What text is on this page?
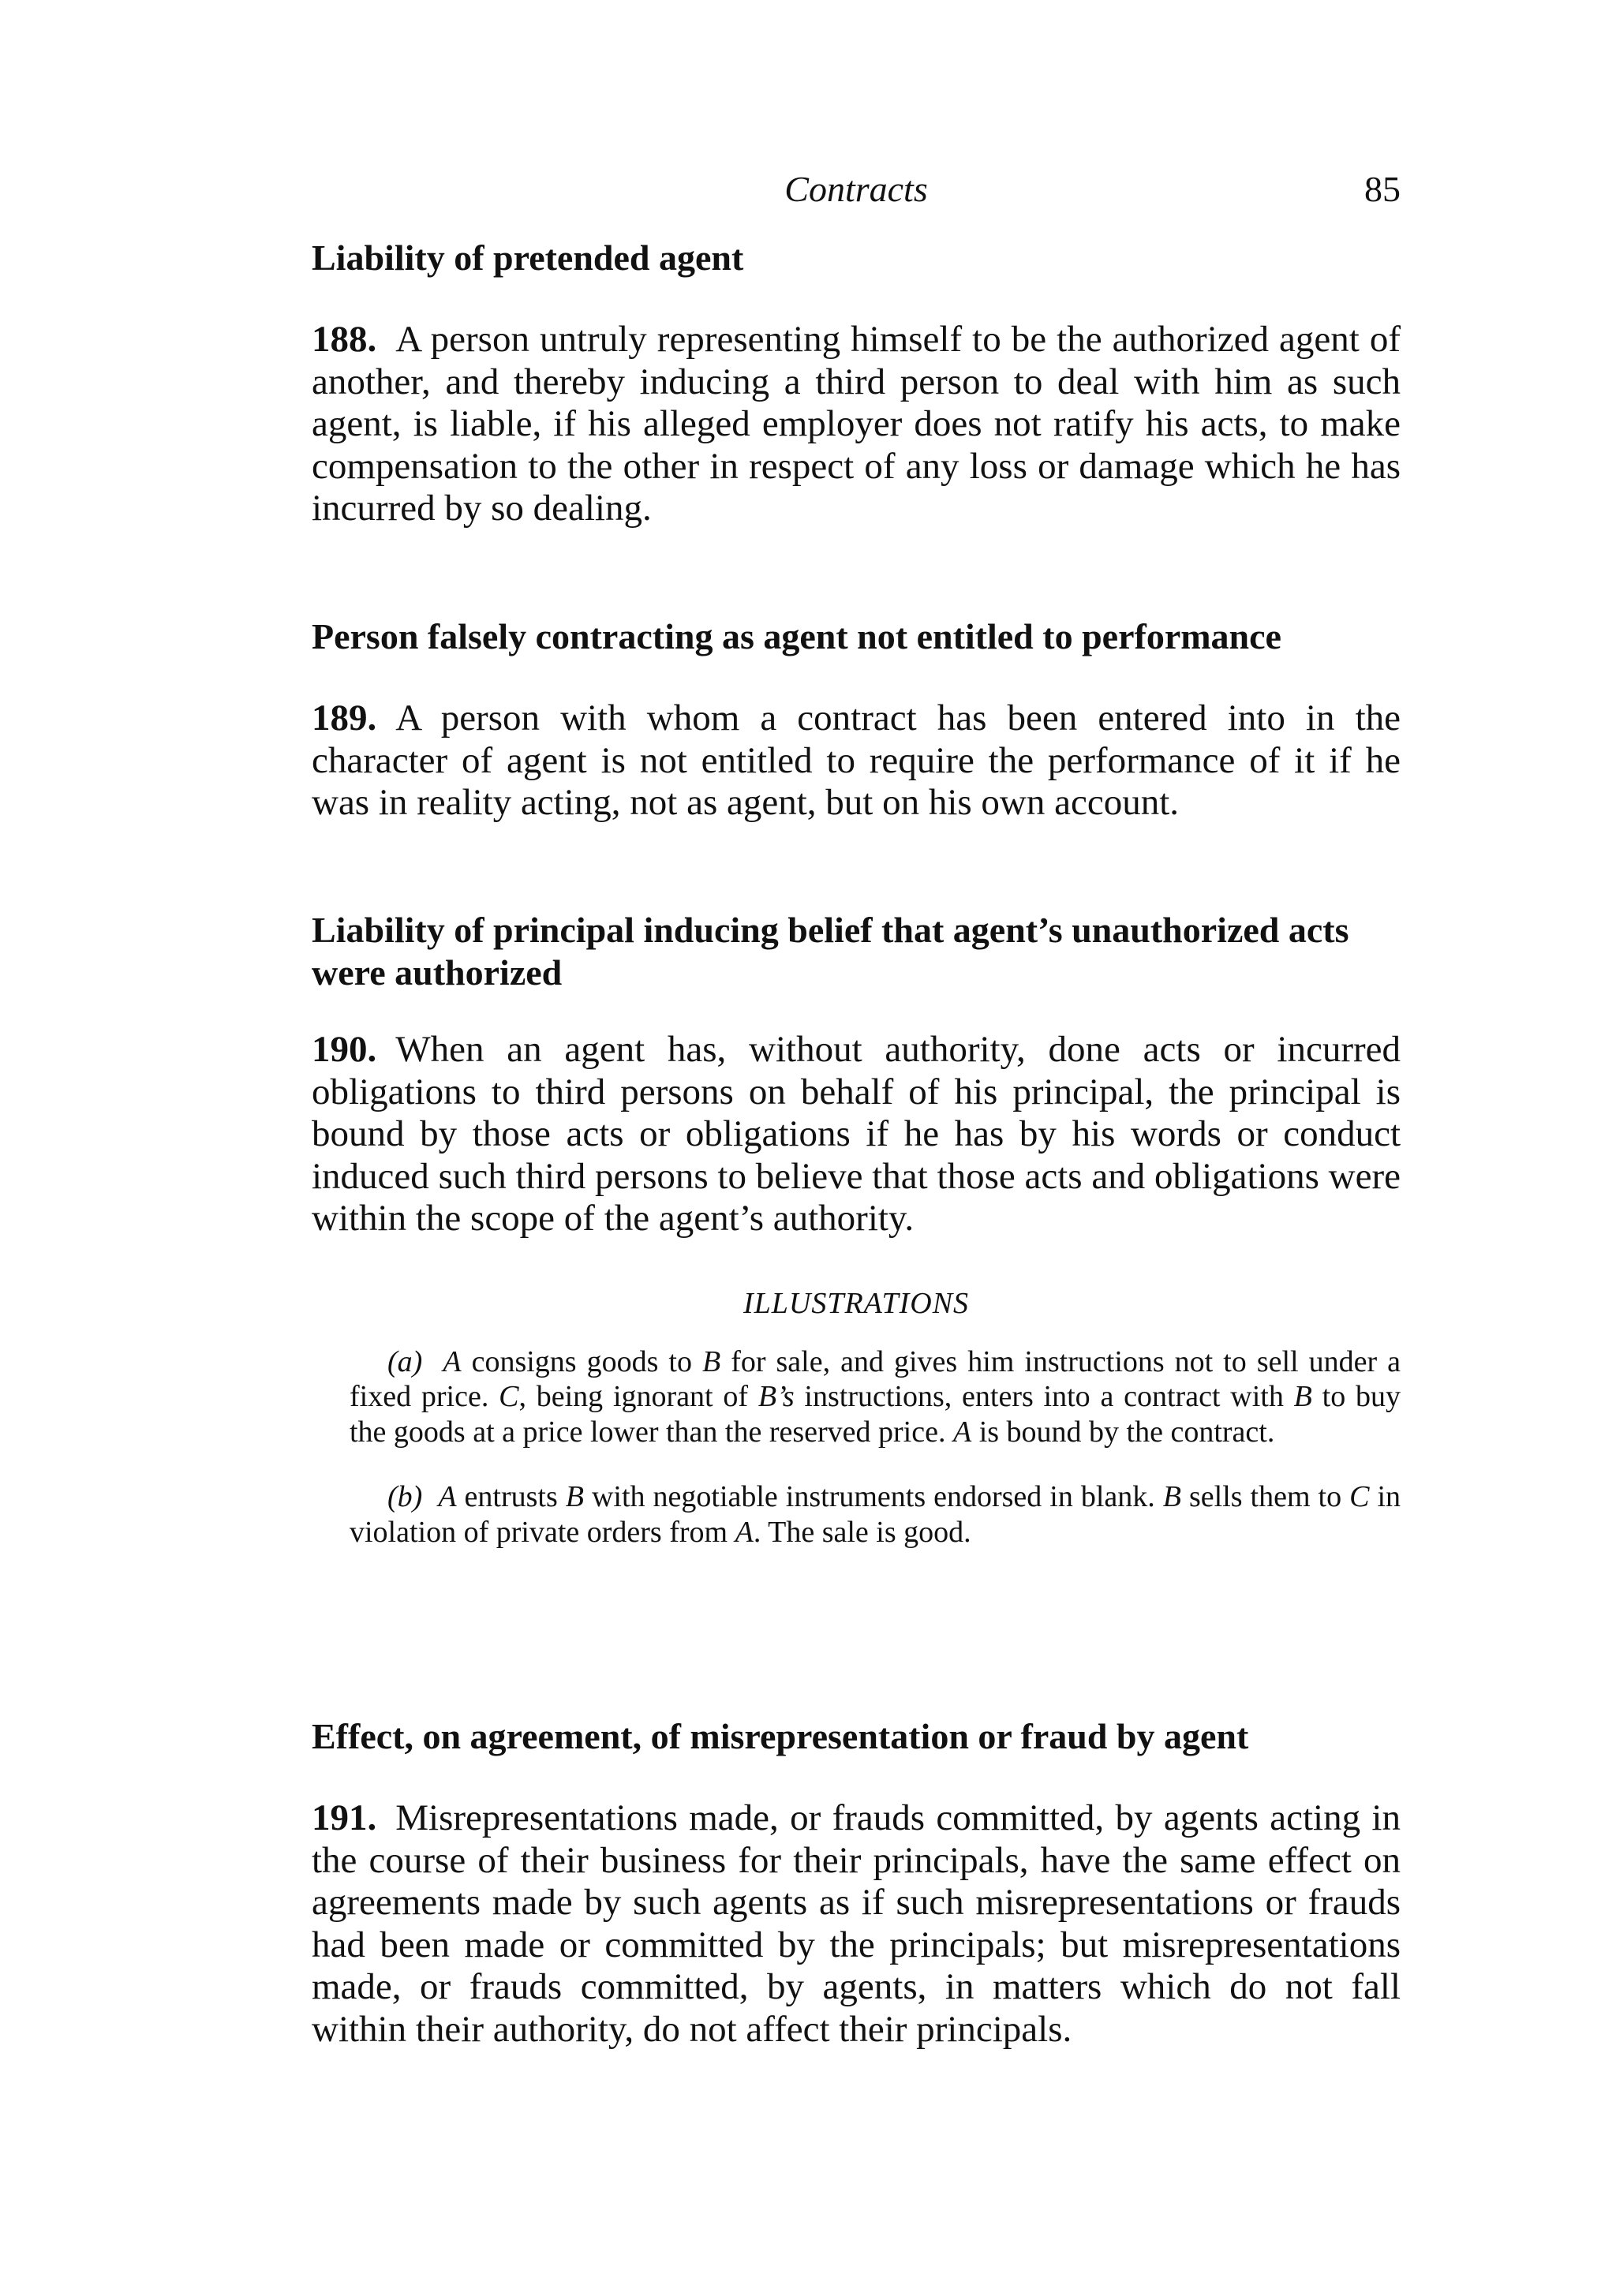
Contracts	85
Liability of pretended agent

188. A person untruly representing himself to be the authorized agent of another, and thereby inducing a third person to deal with him as such agent, is liable, if his alleged employer does not ratify his acts, to make compensation to the other in respect of any loss or damage which he has incurred by so dealing.

Person falsely contracting as agent not entitled to performance

189. A person with whom a contract has been entered into in the character of agent is not entitled to require the performance of it if he was in reality acting, not as agent, but on his own account.

Liability of principal inducing belief that agent’s unauthorized acts were authorized

190. When an agent has, without authority, done acts or incurred obligations to third persons on behalf of his principal, the principal is bound by those acts or obligations if he has by his words or conduct induced such third persons to believe that those acts and obligations were within the scope of the agent’s authority.

ILLUSTRATIONS

(a) A consigns goods to B for sale, and gives him instructions not to sell under a fixed price. C, being ignorant of B’s instructions, enters into a contract with B to buy the goods at a price lower than the reserved price. A is bound by the contract.

(b) A entrusts B with negotiable instruments endorsed in blank. B sells them to C in violation of private orders from A. The sale is good.

Effect, on agreement, of misrepresentation or fraud by agent

191. Misrepresentations made, or frauds committed, by agents acting in the course of their business for their principals, have the same effect on agreements made by such agents as if such misrepresentations or frauds had been made or committed by the principals; but misrepresentations made, or frauds committed, by agents, in matters which do not fall within their authority, do not affect their principals.
